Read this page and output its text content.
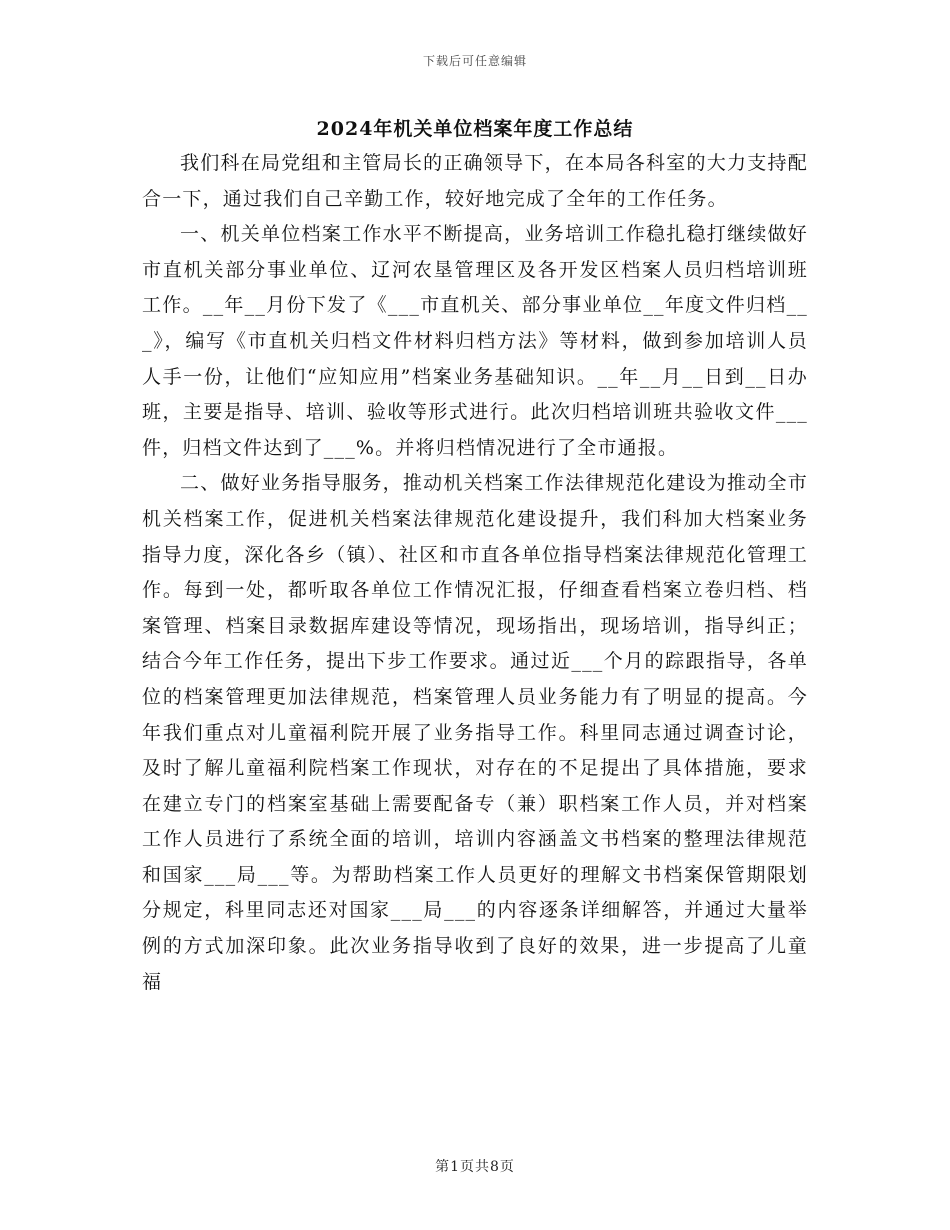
下载后可任意编辑
2024年机关单位档案年度工作总结

我们科在局党组和主管局长的正确领导下，在本局各科室的大力支持配合一下，通过我们自己辛勤工作，较好地完成了全年的工作任务。

一、机关单位档案工作水平不断提高，业务培训工作稳扎稳打继续做好市直机关部分事业单位、辽河农垦管理区及各开发区档案人员归档培训班工作。__年__月份下发了《___市直机关、部分事业单位__年度文件归档___》，编写《市直机关归档文件材料归档方法》等材料，做到参加培训人员人手一份，让他们“应知应用”档案业务基础知识。__年__月__日到__日办班，主要是指导、培训、验收等形式进行。此次归档培训班共验收文件___件，归档文件达到了___%。并将归档情况进行了全市通报。

二、做好业务指导服务，推动机关档案工作法律规范化建设为推动全市机关档案工作，促进机关档案法律规范化建设提升，我们科加大档案业务指导力度，深化各乡（镇）、社区和市直各单位指导档案法律规范化管理工作。每到一处，都听取各单位工作情况汇报，仔细查看档案立卷归档、档案管理、档案目录数据库建设等情况，现场指出，现场培训，指导纠正；结合今年工作任务，提出下步工作要求。通过近___个月的踪跟指导，各单位的档案管理更加法律规范，档案管理人员业务能力有了明显的提高。今年我们重点对儿童福利院开展了业务指导工作。科里同志通过调查讨论，及时了解儿童福利院档案工作现状，对存在的不足提出了具体措施，要求在建立专门的档案室基础上需要配备专（兼）职档案工作人员，并对档案工作人员进行了系统全面的培训，培训内容涵盖文书档案的整理法律规范和国家___局___等。为帮助档案工作人员更好的理解文书档案保管期限划分规定，科里同志还对国家___局___的内容逐条详细解答，并通过大量举例的方式加深印象。此次业务指导收到了良好的效果，进一步提高了儿童福

第1页共8页
